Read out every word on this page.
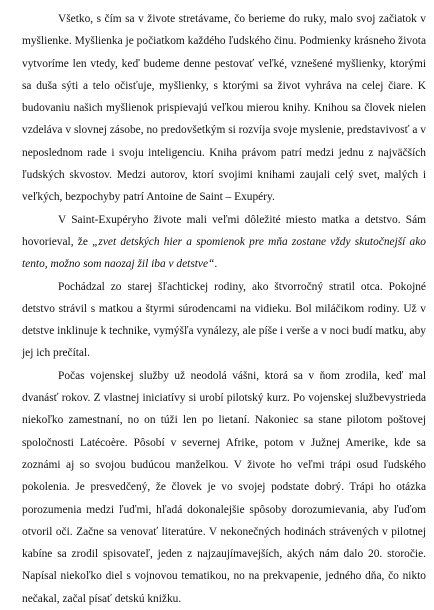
Všetko, s čím sa v živote stretávame, čo berieme do ruky, malo svoj začiatok v myšlienke. Myšlienka je počiatkom každého ľudského činu. Podmienky krásneho života vytvoríme len vtedy, keď budeme denne pestovať veľké, vznešené myšlienky, ktorými sa duša sýti a telo očisťuje, myšlienky, s ktorými sa život vyhráva na celej čiare. K budovaniu našich myšlienok prispievajú veľkou mierou knihy. Knihou sa človek nielen vzdeláva v slovnej zásobe, no predovšetkým si rozvíja svoje myslenie, predstavivosť a v neposlednom rade i svoju inteligenciu. Kniha právom patrí medzi jednu z najväčších ľudských skvostov. Medzi autorov, ktorí svojimi knihami zaujali celý svet, malých i veľkých, bezpochyby patrí Antoine de Saint – Exupéry.

V Saint-Exupéryho živote mali veľmi dôležité miesto matka a detstvo. Sám hovorieval, že „zvet detských hier a spomienok pre mňa zostane vždy skutočnejší ako tento, možno som naozaj žil iba v detstve“.

Pochádzal zo starej šľachtickej rodiny, ako štvorročný stratil otca. Pokojné detstvo strávil s matkou a štyrmi súrodencami na vidieku. Bol miláčikom rodiny. Už v detstve inklinuje k technike, vymýšľa vynálezy, ale píše i verše a v noci budí matku, aby jej ich prečítal.

Počas vojenskej služby už neodolá vášni, ktorá sa v ňom zrodila, keď mal dvanásť rokov. Z vlastnej iniciatívy si urobí pilotský kurz. Po vojenskej službevystrieda niekoľko zamestnaní, no on túži len po lietaní. Nakoniec sa stane pilotom poštovej spoločnosti Latécoère. Pôsobí v severnej Afrike, potom v Južnej Amerike, kde sa zoznámi aj so svojou budúcou manželkou. V živote ho veľmi trápi osud ľudského pokolenia. Je presvedčený, že človek je vo svojej podstate dobrý. Trápi ho otázka porozumenia medzi ľuďmi, hľadá dokonalejšie spôsoby dorozumievania, aby ľuďom otvoril oči. Začne sa venovať literatúre. V nekonečných hodinách strávených v pilotnej kabíne sa zrodil spisovateľ, jeden z najzaujímavejších, akých nám dalo 20. storočie. Napísal niekoľko diel s vojnovou tematikou, no na prekvapenie, jedného dňa, čo nikto nečakal, začal písať detskú knižku.
